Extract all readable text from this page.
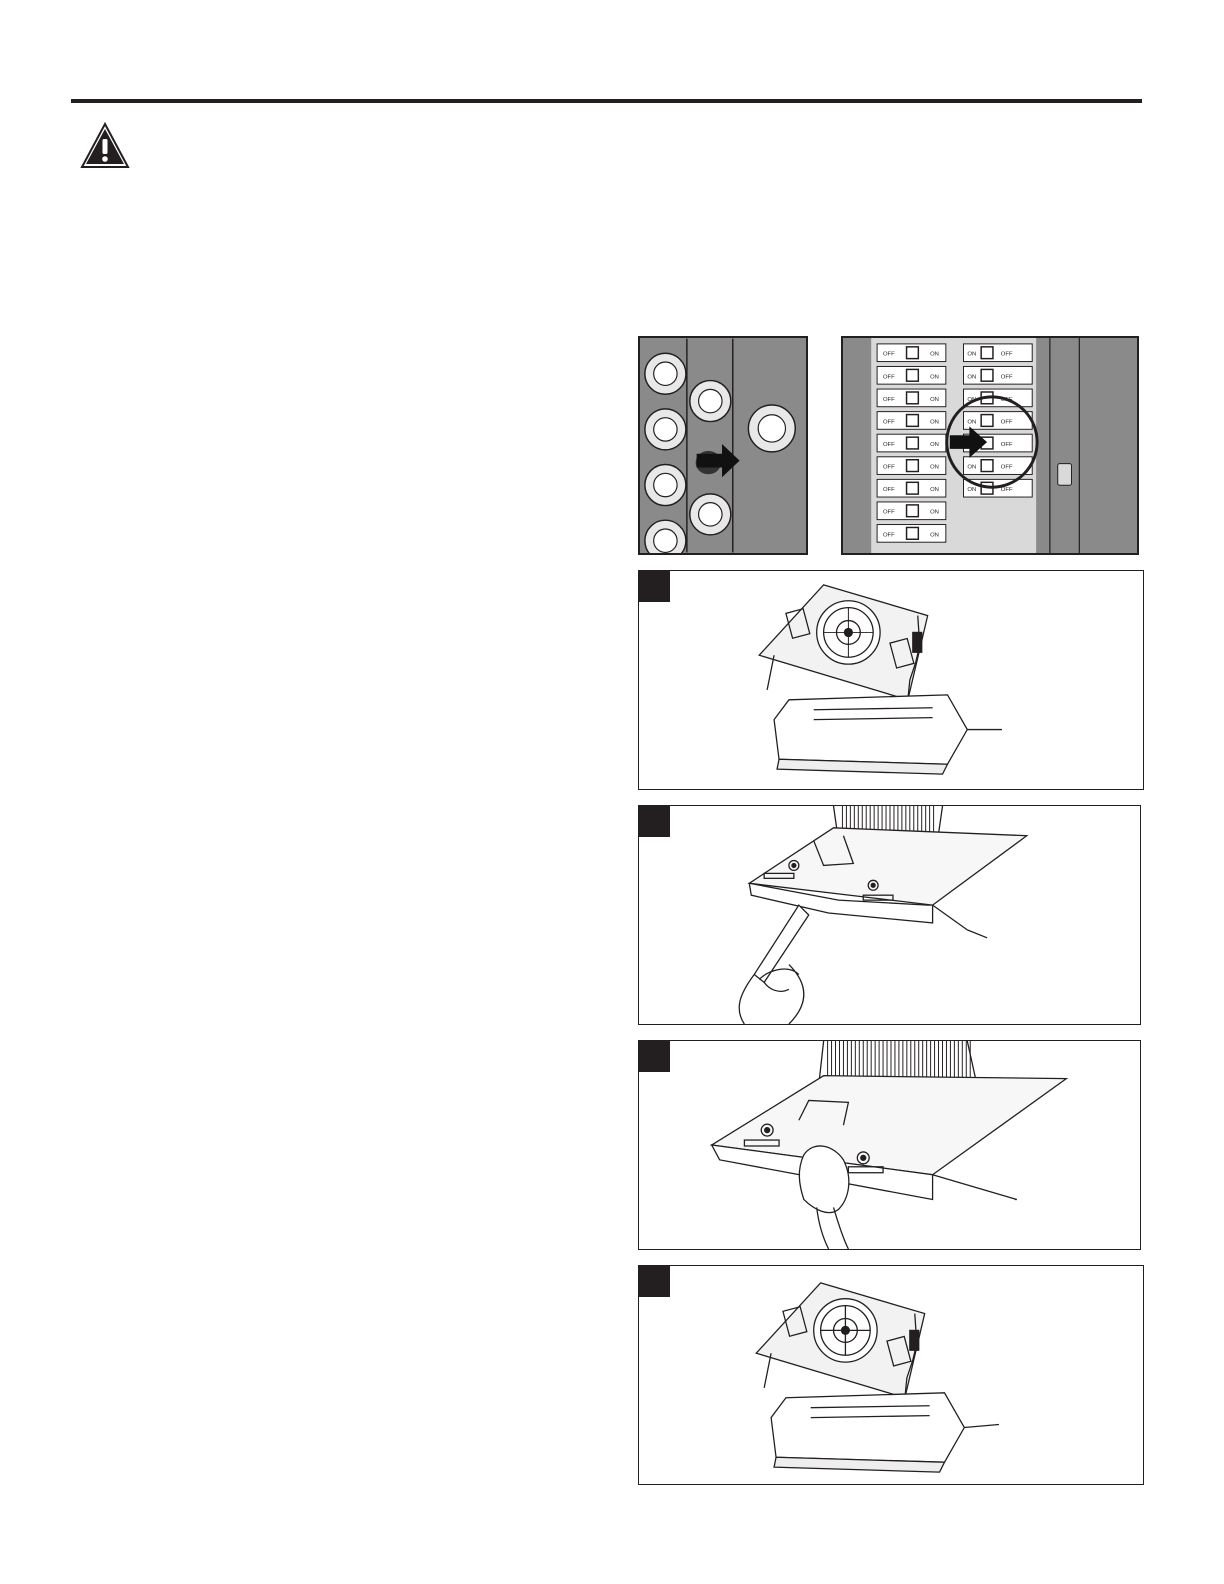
OFF	ON
OFF	ON
OFF	ON
OFF	ON
OFF	ON
OFF	ON
OFF	ON
OFF	ON
OFF	ON
ON	OFF
ON	OFF
ON	OFF
ON	OFF
OFF
ON	OFF
ON	OFF
